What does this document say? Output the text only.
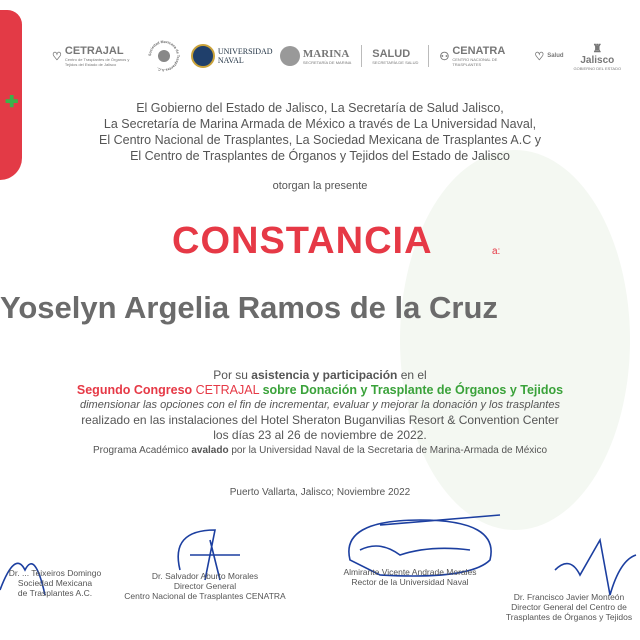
✚
♡ CETRAJAL
Centro de Trasplantes de Órganos y Tejidos del Estado de Jalisco
Sociedad Mexicana de Trasplantes A.C.
UNIVERSIDAD NAVAL
MARINA
SECRETARÍA DE MARINA
SALUD
SECRETARÍA DE SALUD ⚇ CENATRA
CENTRO NACIONAL DE TRASPLANTES
♡ Salud
♜
Jalisco
GOBIERNO DEL ESTADO
El Gobierno del Estado de Jalisco, La Secretaría de Salud Jalisco,
La Secretaría de Marina Armada de México a través de La Universidad Naval,
El Centro Nacional de Trasplantes, La Sociedad Mexicana de Trasplantes A.C y
El Centro de Trasplantes de Órganos y Tejidos del Estado de Jalisco
otorgan la presente
CONSTANCIA	a:
Yoselyn Argelia Ramos de la Cruz
Por su asistencia y participación en el
Segundo Congreso CETRAJAL sobre Donación y Trasplante de Órganos y Tejidos
dimensionar las opciones con el fin de incrementar, evaluar y mejorar la donación y los trasplantes
realizado en las instalaciones del Hotel Sheraton Buganvilias Resort & Convention Center
los días 23 al 26 de noviembre de 2022.
Programa Académico avalado por la Universidad Naval de la Secretaria de Marina-Armada de México
Puerto Vallarta, Jalisco; Noviembre 2022
Dr. ... Teixeiros Domingo
Sociedad Mexicana
de Trasplantes A.C.
Dr. Salvador Aburto Morales
Director General
Centro Nacional de Trasplantes CENATRA
Almirante Vicente Andrade Morales
Rector de la Universidad Naval
Dr. Francisco Javier Monteón
Director General del Centro de
Trasplantes de Órganos y Tejidos
